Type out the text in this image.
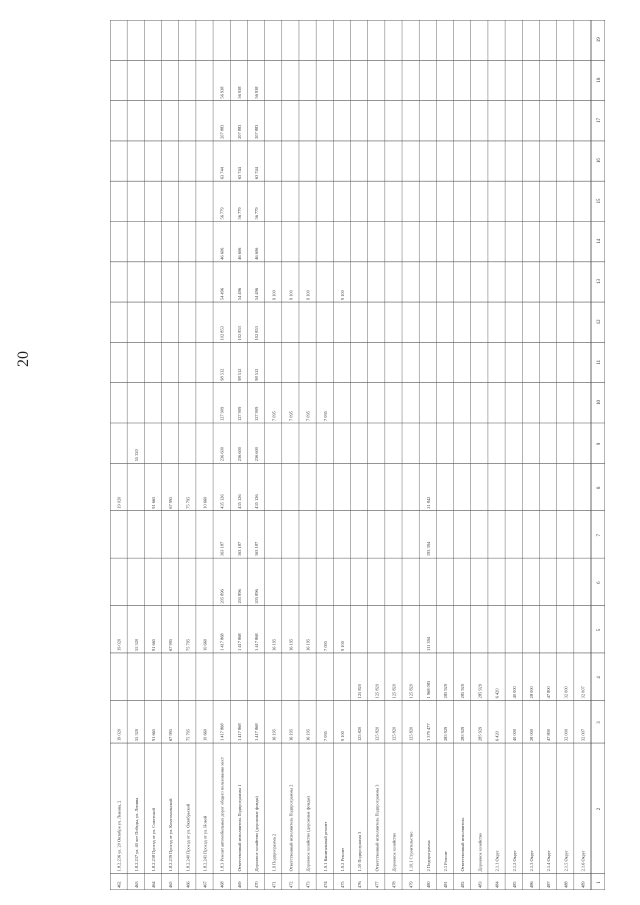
20
1
2
3
4
5
6
7
8
9
10
11
12
13
14
15
16
17
18
19
462
1.8.2.236 ул. 20 Октября ул. Ленина, 2
19 020
19 020
19 020
463
1.8.2.237 ул. 40 лет Победы, ул. Ленина
55 320
55 320
55 320
464
1.8.2.238 Проезд от ул. Советской
91 665
91 665
91 665
465
1.8.2.239 Проезд от ул. Комсомольской
67 995
67 995
67 995
466
1.8.2.240 Проезд от ул. Октябрьской
75 795
75 795
75 795
467
1.8.2.241 Проезд от ул. Новой
10 660
10 660
10 660
468
1.8.3 Ремонт автомобильных дорог общего пользования мест
1 417 868
1 417 868
205 896
163 187
435 126
236 600
127 909
98 512
102 853
54 496
46 606
56 779
63 744
207 883
56 938
469
Ответственный исполнитель Подпрограммы 1
1 417 868
1 417 868
205 896
163 187
435 126
236 600
127 909
98 512
102 853
54 496
46 606
56 779
63 744
207 883
56 938
470
Дорожное хозяйство (дорожные фонды)
1 417 868
1 417 868
205 896
163 187
435 126
236 600
127 909
98 512
102 853
54 496
46 606
56 779
63 744
207 883
56 938
471
1.9 Подпрограмма 2
16 195
16 195
7 095
9 100
472
Ответственный исполнитель Подпрограммы 2
16 195
16 195
7 095
9 100
473
Дорожное хозяйство (дорожные фонды)
16 195
16 195
7 095
9 100
474
1.9.1 Капитальный ремонт
7 095
7 095
7 095
475
1.9.2 Ремонт
9 100
9 100
9 100
476
1.10 Подпрограмма 3
125 820
125 820
477
Ответственный исполнитель Подпрограммы 3
125 820
125 820
478
Дорожное хозяйство
125 820
125 820
479
1.10.1 Строительство
125 820
125 820
480
2 Подпрограмма
1 379 477
1 968 083
111 394
193 394
21 842
481
2.1 Ремонт
285 929
285 929
482
Ответственный исполнитель
285 929
285 929
483
Дорожное хозяйство
285 929
285 929
484
2.1.1 Округ
6 420
6 420
485
2.1.2 Округ
40 000
40 000
486
2.1.3 Округ
28 000
28 000
487
2.1.4 Округ
47 800
47 800
488
2.1.5 Округ
32 000
32 000
489
2.1.6 Округ
32 007
32 007
